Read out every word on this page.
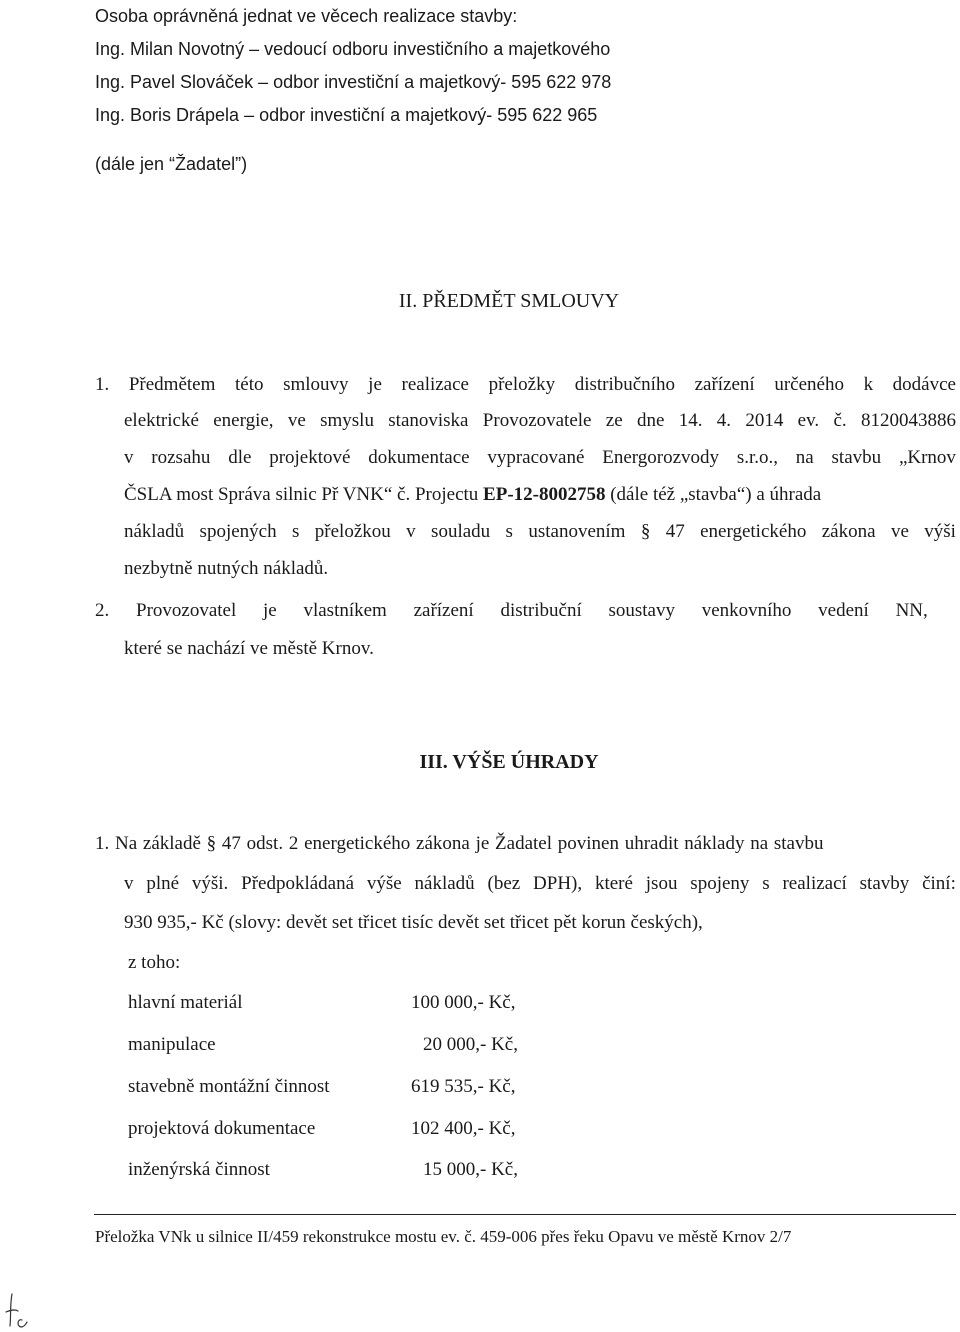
Osoba oprávněná jednat ve věcech realizace stavby:
Ing. Milan Novotný – vedoucí odboru investičního a majetkového
Ing. Pavel Slováček – odbor investiční a majetkový- 595 622 978
Ing. Boris Drápela – odbor investiční a majetkový- 595 622 965
(dále jen “Žadatel”)
II. PŘEDMĚT SMLOUVY
1. Předmětem této smlouvy je realizace přeložky distribučního zařízení určeného k dodávce
elektrické energie, ve smyslu stanoviska Provozovatele ze dne 14. 4. 2014 ev. č. 8120043886
v rozsahu dle projektové dokumentace vypracované Energorozvody s.r.o., na stavbu „Krnov
ČSLA most Správa silnic Př VNK“ č. Projectu EP-12-8002758 (dále též „stavba“) a úhrada
nákladů spojených s přeložkou v souladu s ustanovením § 47 energetického zákona ve výši
nezbytně nutných nákladů.
2. Provozovatel je vlastníkem zařízení distribuční soustavy venkovního vedení NN,
které se nachází ve městě Krnov.
III. VÝŠE ÚHRADY
1. Na základě § 47 odst. 2 energetického zákona je Žadatel povinen uhradit náklady na stavbu
v plné výši. Předpokládaná výše nákladů (bez DPH), které jsou spojeny s realizací stavby činí:
930 935,- Kč (slovy: devět set třicet tisíc devět set třicet pět korun českých),
z toho:
hlavní materiál	100 000,- Kč,
manipulace	20 000,- Kč,
stavebně montážní činnost	619 535,- Kč,
projektová dokumentace	102 400,- Kč,
inženýrská činnost	15 000,- Kč,
Přeložka VNk u silnice II/459 rekonstrukce mostu ev. č. 459-006 přes řeku Opavu ve městě Krnov 2/7
